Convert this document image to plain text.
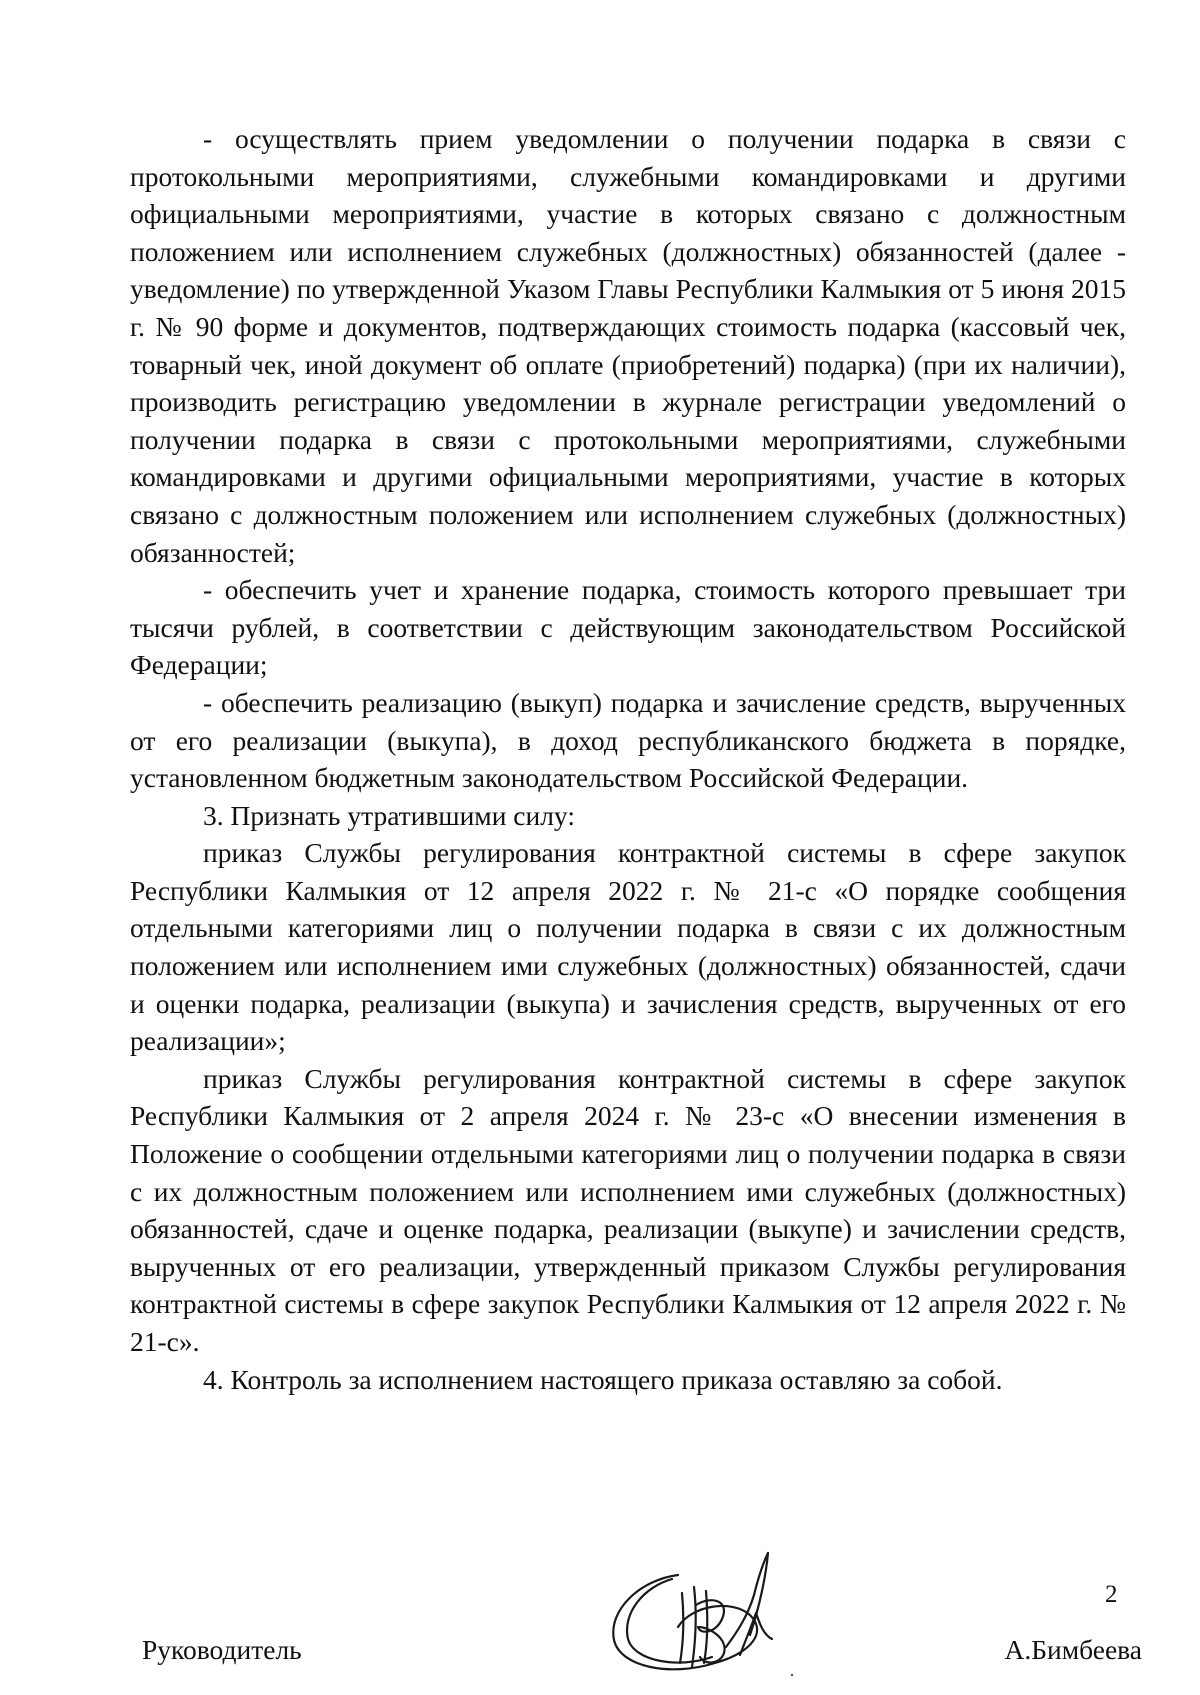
- осуществлять прием уведомлении о получении подарка в связи с протокольными мероприятиями, служебными командировками и другими официальными мероприятиями, участие в которых связано с должностным положением или исполнением служебных (должностных) обязанностей (далее - уведомление) по утвержденной Указом Главы Республики Калмыкия от 5 июня 2015 г. № 90 форме и документов, подтверждающих стоимость подарка (кассовый чек, товарный чек, иной документ об оплате (приобретений) подарка) (при их наличии), производить регистрацию уведомлении в журнале регистрации уведомлений о получении подарка в связи с протокольными мероприятиями, служебными командировками и другими официальными мероприятиями, участие в которых связано с должностным положением или исполнением служебных (должностных) обязанностей;

- обеспечить учет и хранение подарка, стоимость которого превышает три тысячи рублей, в соответствии с действующим законодательством Российской Федерации;

- обеспечить реализацию (выкуп) подарка и зачисление средств, вырученных от его реализации (выкупа), в доход республиканского бюджета в порядке, установленном бюджетным законодательством Российской Федерации.

3. Признать утратившими силу:

приказ Службы регулирования контрактной системы в сфере закупок Республики Калмыкия от 12 апреля 2022 г. № 21-с «О порядке сообщения отдельными категориями лиц о получении подарка в связи с их должностным положением или исполнением ими служебных (должностных) обязанностей, сдачи и оценки подарка, реализации (выкупа) и зачисления средств, вырученных от его реализации»;

приказ Службы регулирования контрактной системы в сфере закупок Республики Калмыкия от 2 апреля 2024 г. № 23-с «О внесении изменения в Положение о сообщении отдельными категориями лиц о получении подарка в связи с их должностным положением или исполнением ими служебных (должностных) обязанностей, сдаче и оценке подарка, реализации (выкупе) и зачислении средств, вырученных от его реализации, утвержденный приказом Службы регулирования контрактной системы в сфере закупок Республики Калмыкия от 12 апреля 2022 г. № 21-с».

4. Контроль за исполнением настоящего приказа оставляю за собой.

Руководитель	А.Бимбеева
2
